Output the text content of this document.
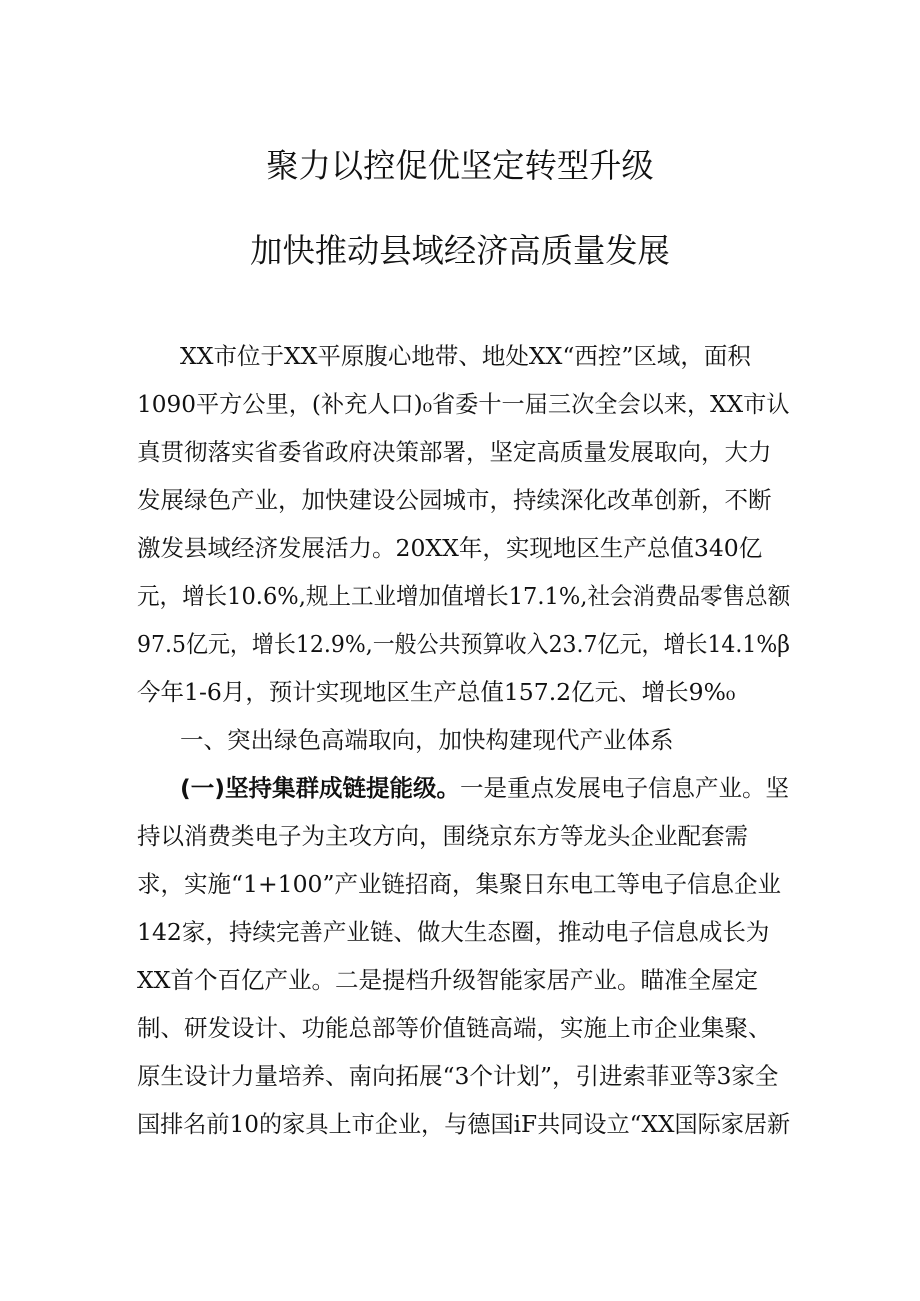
聚力以控促优坚定转型升级
加快推动县域经济高质量发展
XX市位于XX平原腹心地带、地处XX“西控”区域，面积
1090平方公里，(补充人口)₀省委十一届三次全会以来，XX市认
真贯彻落实省委省政府决策部署，坚定高质量发展取向，大力
发展绿色产业，加快建设公园城市，持续深化改革创新，不断
激发县域经济发展活力。20XX年，实现地区生产总值340亿
元，增长10.6%,规上工业增加值增长17.1%,社会消费品零售总额
97.5亿元，增长12.9%,一般公共预算收入23.7亿元，增长14.1%β
今年1-6月，预计实现地区生产总值157.2亿元、增长9%₀
一、突出绿色高端取向，加快构建现代产业体系
(一)坚持集群成链提能级。一是重点发展电子信息产业。坚
持以消费类电子为主攻方向，围绕京东方等龙头企业配套需
求，实施“1+100”产业链招商，集聚日东电工等电子信息企业
142家，持续完善产业链、做大生态圈，推动电子信息成长为
XX首个百亿产业。二是提档升级智能家居产业。瞄准全屋定
制、研发设计、功能总部等价值链高端，实施上市企业集聚、
原生设计力量培养、南向拓展“3个计划”，引进索菲亚等3家全
国排名前10的家具上市企业，与德国iF共同设立“XX国际家居新
